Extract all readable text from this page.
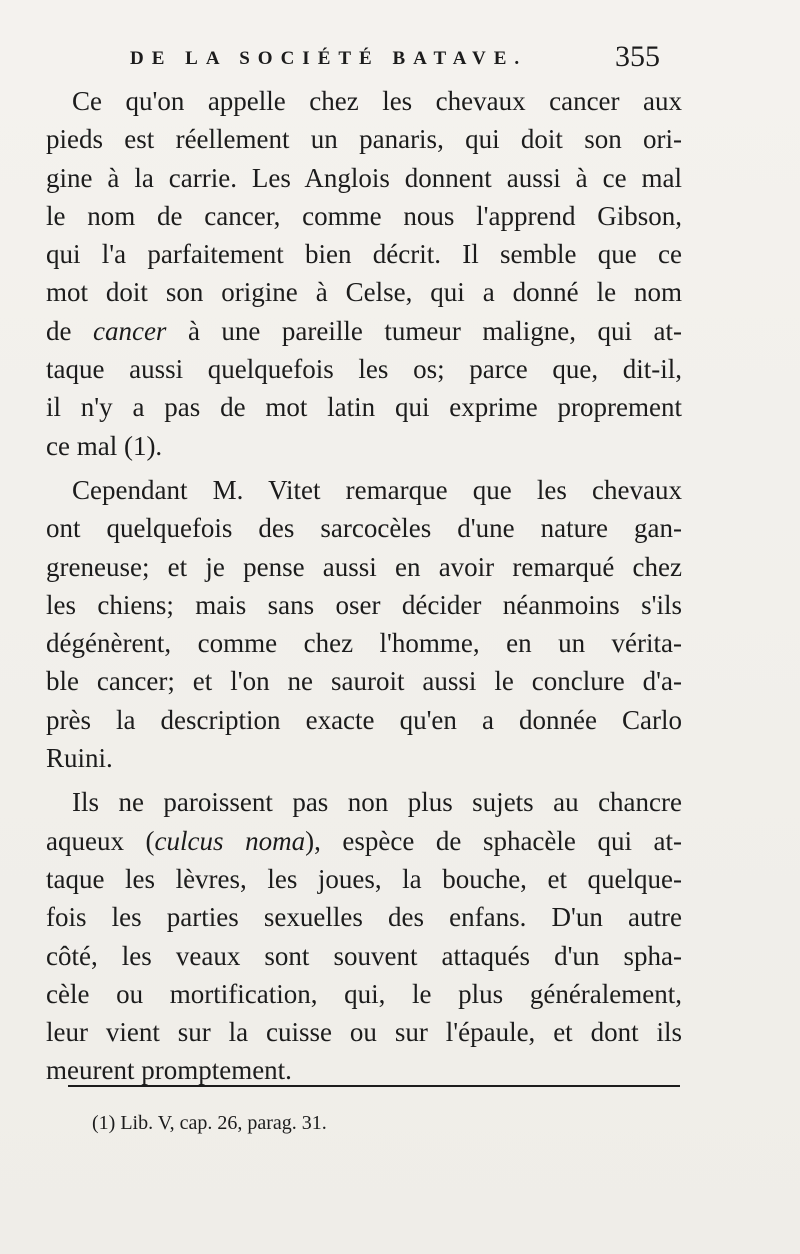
DE LA SOCIÉTÉ BATAVE.	355
Ce qu'on appelle chez les chevaux cancer aux
pieds est réellement un panaris, qui doit son ori-
gine à la carrie. Les Anglois donnent aussi à ce mal
le nom de cancer, comme nous l'apprend Gibson,
qui l'a parfaitement bien décrit. Il semble que ce
mot doit son origine à Celse, qui a donné le nom
de cancer à une pareille tumeur maligne, qui at-
taque aussi quelquefois les os; parce que, dit-il,
il n'y a pas de mot latin qui exprime proprement
ce mal (1).
Cependant M. Vitet remarque que les chevaux
ont quelquefois des sarcocèles d'une nature gan-
greneuse; et je pense aussi en avoir remarqué chez
les chiens; mais sans oser décider néanmoins s'ils
dégénèrent, comme chez l'homme, en un vérita-
ble cancer; et l'on ne sauroit aussi le conclure d'a-
près la description exacte qu'en a donnée Carlo
Ruini.
Ils ne paroissent pas non plus sujets au chancre
aqueux (culcus noma), espèce de sphacèle qui at-
taque les lèvres, les joues, la bouche, et quelque-
fois les parties sexuelles des enfans. D'un autre
côté, les veaux sont souvent attaqués d'un spha-
cèle ou mortification, qui, le plus généralement,
leur vient sur la cuisse ou sur l'épaule, et dont ils
meurent promptement.
(1) Lib. V, cap. 26, parag. 31.
